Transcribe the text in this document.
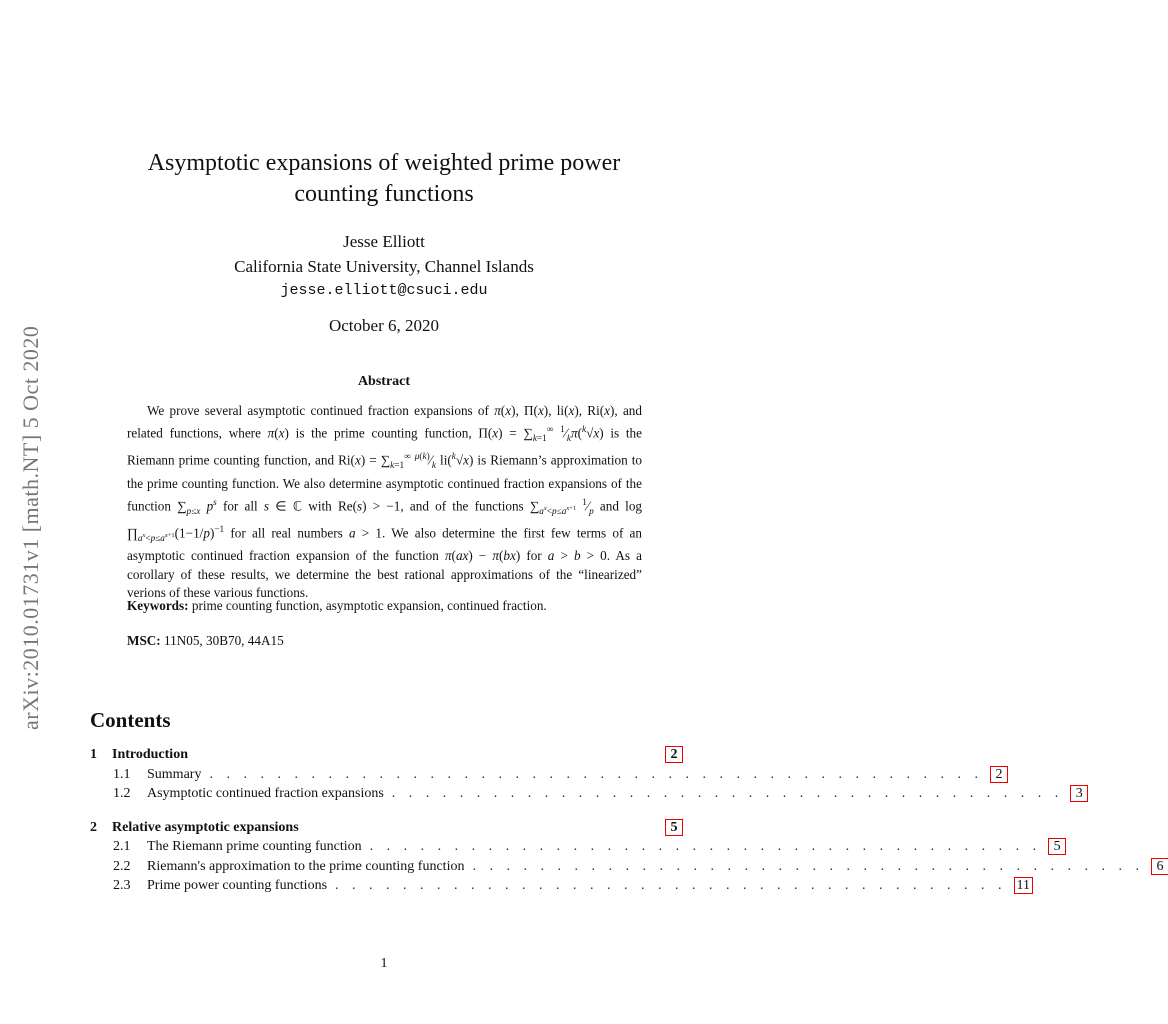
arXiv:2010.01731v1 [math.NT] 5 Oct 2020
Asymptotic expansions of weighted prime power
counting functions
Jesse Elliott
California State University, Channel Islands
jesse.elliott@csuci.edu
October 6, 2020
Abstract
We prove several asymptotic continued fraction expansions of π(x), Π(x), li(x), Ri(x), and related functions, where π(x) is the prime counting function, $\Pi(x) = \sum_{k=1}^\infty$ $^1⁄_k\pi(^k√x)$ is the Riemann prime counting function, and $Ri(x) = \sum_{k=1}^\infty$ $^{\mu(k)}⁄_k$ li($^k$√x) is Riemann’s approximation to the prime counting function. We also determine asymptotic continued fraction expansions of the function $\sum_{p\le x}$ $p^s$ for all s ∈ ℂ with Re(s) > −1, and of the functions $\sum_{a^x<p\le a^{x+1}}$ $^1⁄_p$ and $\log \prod_{a^x<p\le a^{x+1}}(1-1/p)^{-1}$ for all real numbers a > 1. We also determine the first few terms of an asymptotic continued fraction expansion of the function π(ax) − π(bx) for a > b > 0. As a corollary of these results, we determine the best rational approximations of the “linearized” verions of these various functions.
Keywords: prime counting function, asymptotic expansion, continued fraction.
MSC: 11N05, 30B70, 44A15
Contents
1	Introduction	2
1.1	Summary . . . . . . . . . . . . . . . . . . . . . . . . . . . . . . . . . . . . . . . . . . . . . . 2
1.2	Asymptotic continued fraction expansions . . . . . . . . . . . . . . . . . . . . . . . . . . . . . . . . . . . . . . . . 3
2	Relative asymptotic expansions	5
2.1	The Riemann prime counting function . . . . . . . . . . . . . . . . . . . . . . . . . . . . . . . . . . . . . . . . 5
2.2	Riemann's approximation to the prime counting function . . . . . . . . . . . . . . . . . . . . . . . . . . . . . . . . . . . . . . . . 6
2.3	Prime power counting functions . . . . . . . . . . . . . . . . . . . . . . . . . . . . . . . . . . . . . . . . 11
1
